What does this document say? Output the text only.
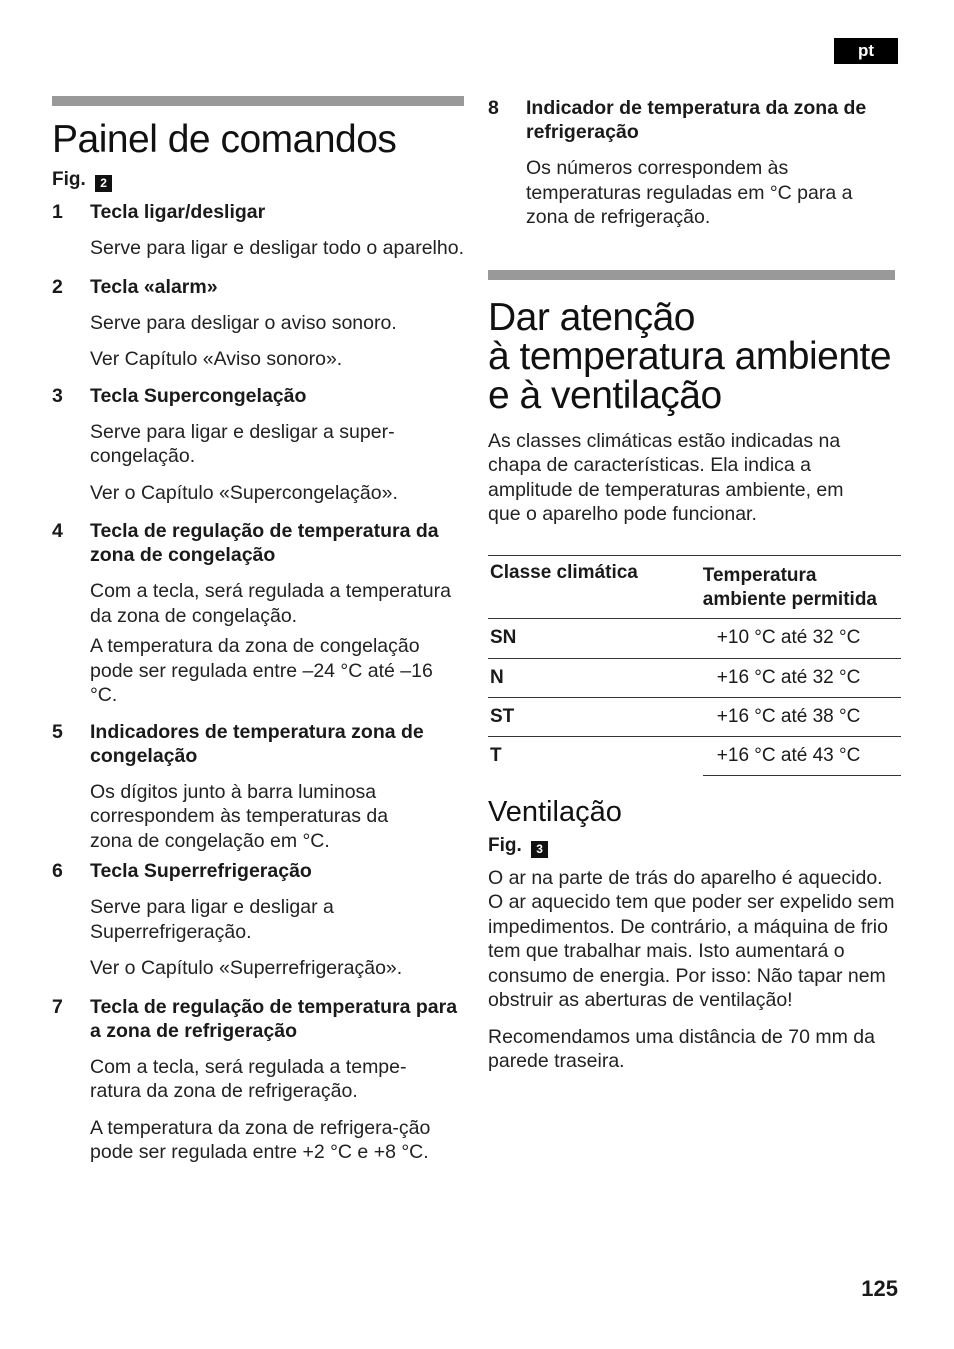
pt
Painel de comandos
Fig. 2
1	Tecla ligar/desligar

Serve para ligar e desligar todo o aparelho.

2	Tecla «alarm»

Serve para desligar o aviso sonoro.

Ver Capítulo «Aviso sonoro».

3	Tecla Supercongelação

Serve para ligar e desligar a super-congelação.

Ver o Capítulo «Supercongelação».

4	Tecla de regulação de temperatura da zona de congelação

Com a tecla, será regulada a temperatura da zona de congelação.

A temperatura da zona de congelação pode ser regulada entre –24 °C até –16 °C.

5	Indicadores de temperatura zona de congelação

Os dígitos junto à barra luminosa correspondem às temperaturas da zona de congelação em °C.

6	Tecla Superrefrigeração

Serve para ligar e desligar a Superrefrigeração.

Ver o Capítulo «Superrefrigeração».

7	Tecla de regulação de temperatura para a zona de refrigeração

Com a tecla, será regulada a tempe-ratura da zona de refrigeração.

A temperatura da zona de refrigera-ção pode ser regulada entre +2 °C e +8 °C.

8	Indicador de temperatura da zona de refrigeração

Os números correspondem às temperaturas reguladas em °C para a zona de refrigeração.

Dar atenção
à temperatura ambiente
e à ventilação

As classes climáticas estão indicadas na chapa de características. Ela indica a amplitude de temperaturas ambiente, em que o aparelho pode funcionar.

Classe climática	Temperatura ambiente permitida
SN	+10 °C até 32 °C
N	+16 °C até 32 °C
ST	+16 °C até 38 °C
T	+16 °C até 43 °C
Ventilação
Fig. 3

O ar na parte de trás do aparelho é aquecido. O ar aquecido tem que poder ser expelido sem impedimentos. De contrário, a máquina de frio tem que trabalhar mais. Isto aumentará o consumo de energia. Por isso: Não tapar nem obstruir as aberturas de ventilação!

Recomendamos uma distância de 70 mm da parede traseira.

125
